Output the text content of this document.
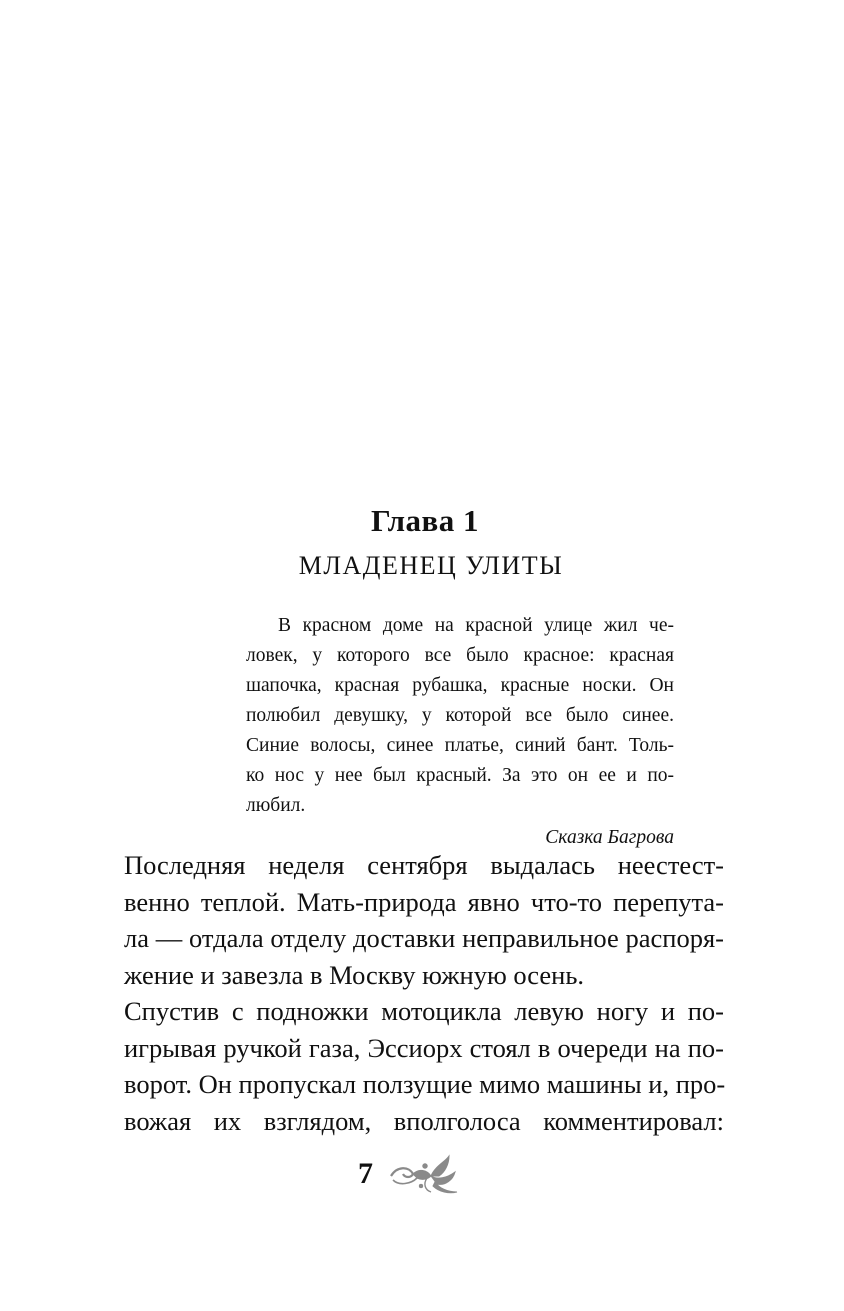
Глава 1
МЛАДЕНЕЦ УЛИТЫ
В красном доме на красной улице жил че-
ловек, у которого все было красное: красная
шапочка, красная рубашка, красные носки. Он
полюбил девушку, у которой все было синее.
Синие волосы, синее платье, синий бант. Толь-
ко нос у нее был красный. За это он ее и по-
любил.
Сказка Багрова
Последняя неделя сентября выдалась неестест-
венно теплой. Мать-природа явно что-то перепута-
ла — отдала отделу доставки неправильное распоря-
жение и завезла в Москву южную осень.
Спустив с подножки мотоцикла левую ногу и по-
игрывая ручкой газа, Эссиорх стоял в очереди на по-
ворот. Он пропускал ползущие мимо машины и, про-
вожая их взглядом, вполголоса комментировал:
7
